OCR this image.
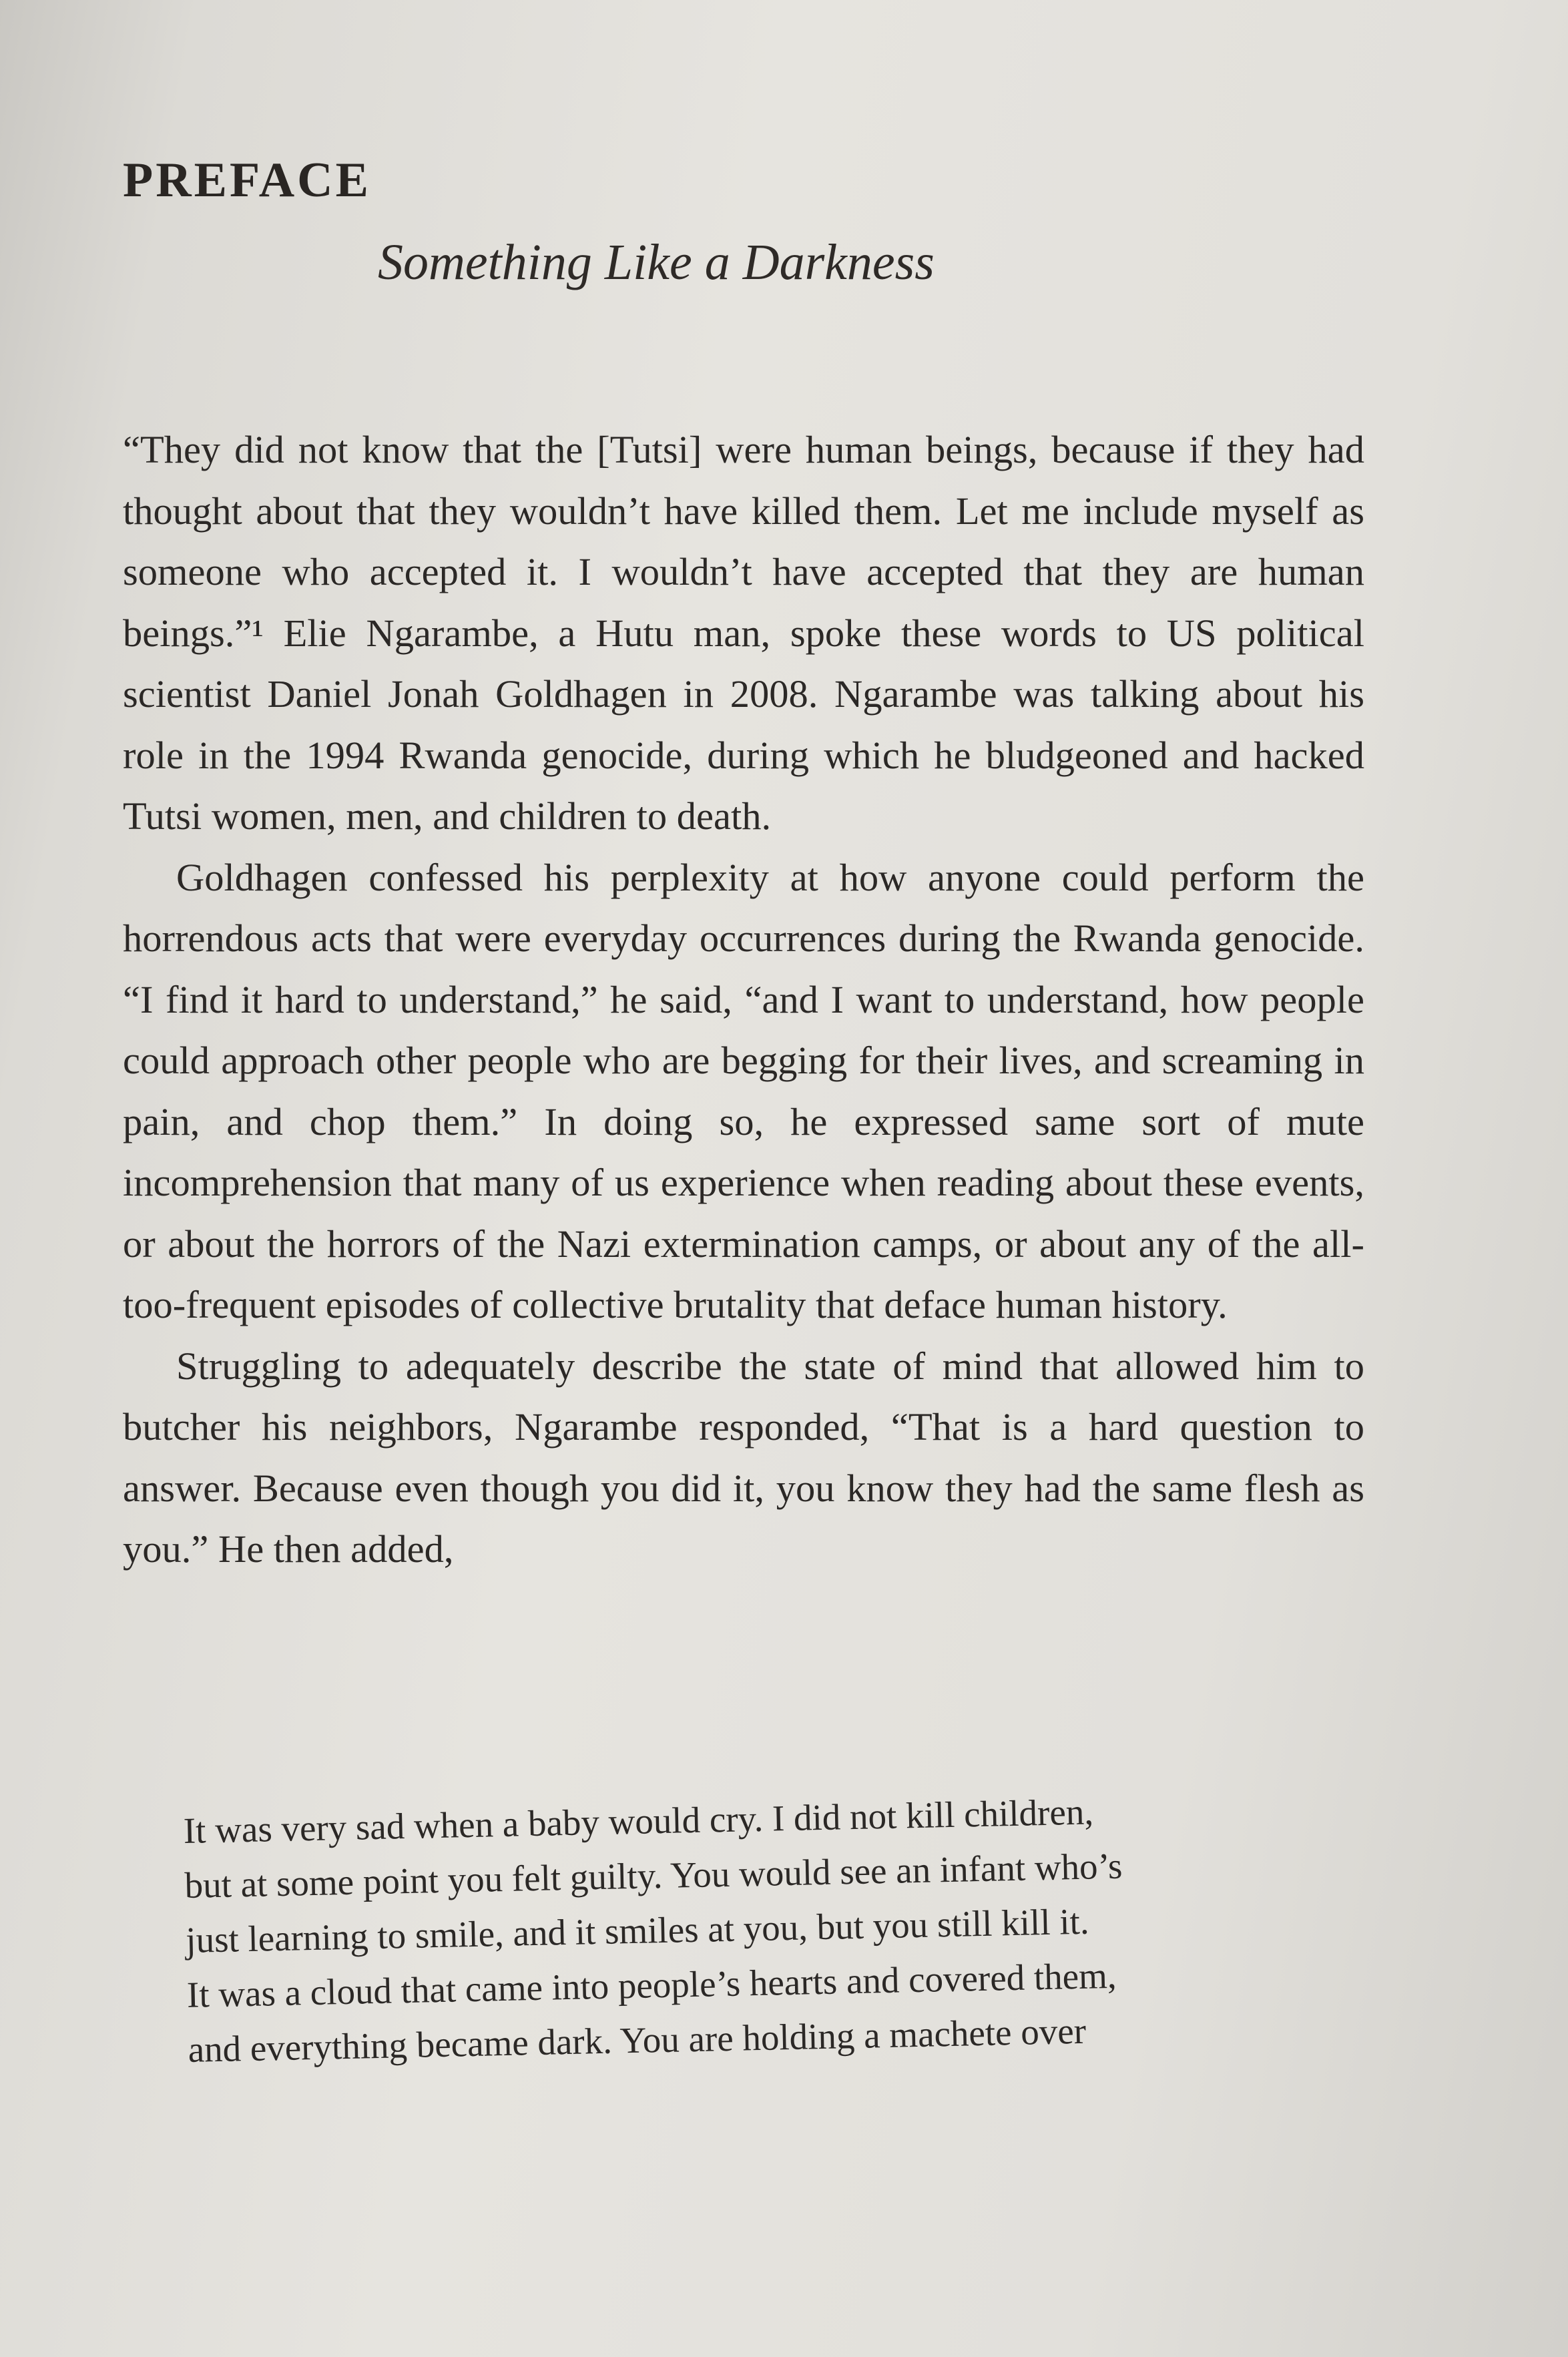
PREFACE
Something Like a Darkness

“They did not know that the [Tutsi] were human beings, because if they had thought about that they wouldn’t have killed them. Let me include myself as someone who accepted it. I wouldn’t have accepted that they are human beings.”¹ Elie Ngarambe, a Hutu man, spoke these words to US political scientist Daniel Jonah Goldhagen in 2008. Ngarambe was talking about his role in the 1994 Rwanda genocide, during which he bludgeoned and hacked Tutsi women, men, and children to death.

Goldhagen confessed his perplexity at how anyone could perform the horrendous acts that were everyday occurrences during the Rwanda genocide. “I find it hard to understand,” he said, “and I want to understand, how people could approach other people who are begging for their lives, and screaming in pain, and chop them.” In doing so, he expressed same sort of mute incomprehension that many of us experience when reading about these events, or about the horrors of the Nazi extermination camps, or about any of the all-too-frequent episodes of collective brutality that deface human history.

Struggling to adequately describe the state of mind that allowed him to butcher his neighbors, Ngarambe responded, “That is a hard question to answer. Because even though you did it, you know they had the same flesh as you.” He then added,

It was very sad when a baby would cry. I did not kill children,
but at some point you felt guilty. You would see an infant who’s
just learning to smile, and it smiles at you, but you still kill it.
It was a cloud that came into people’s hearts and covered them,
and everything became dark. You are holding a machete over
